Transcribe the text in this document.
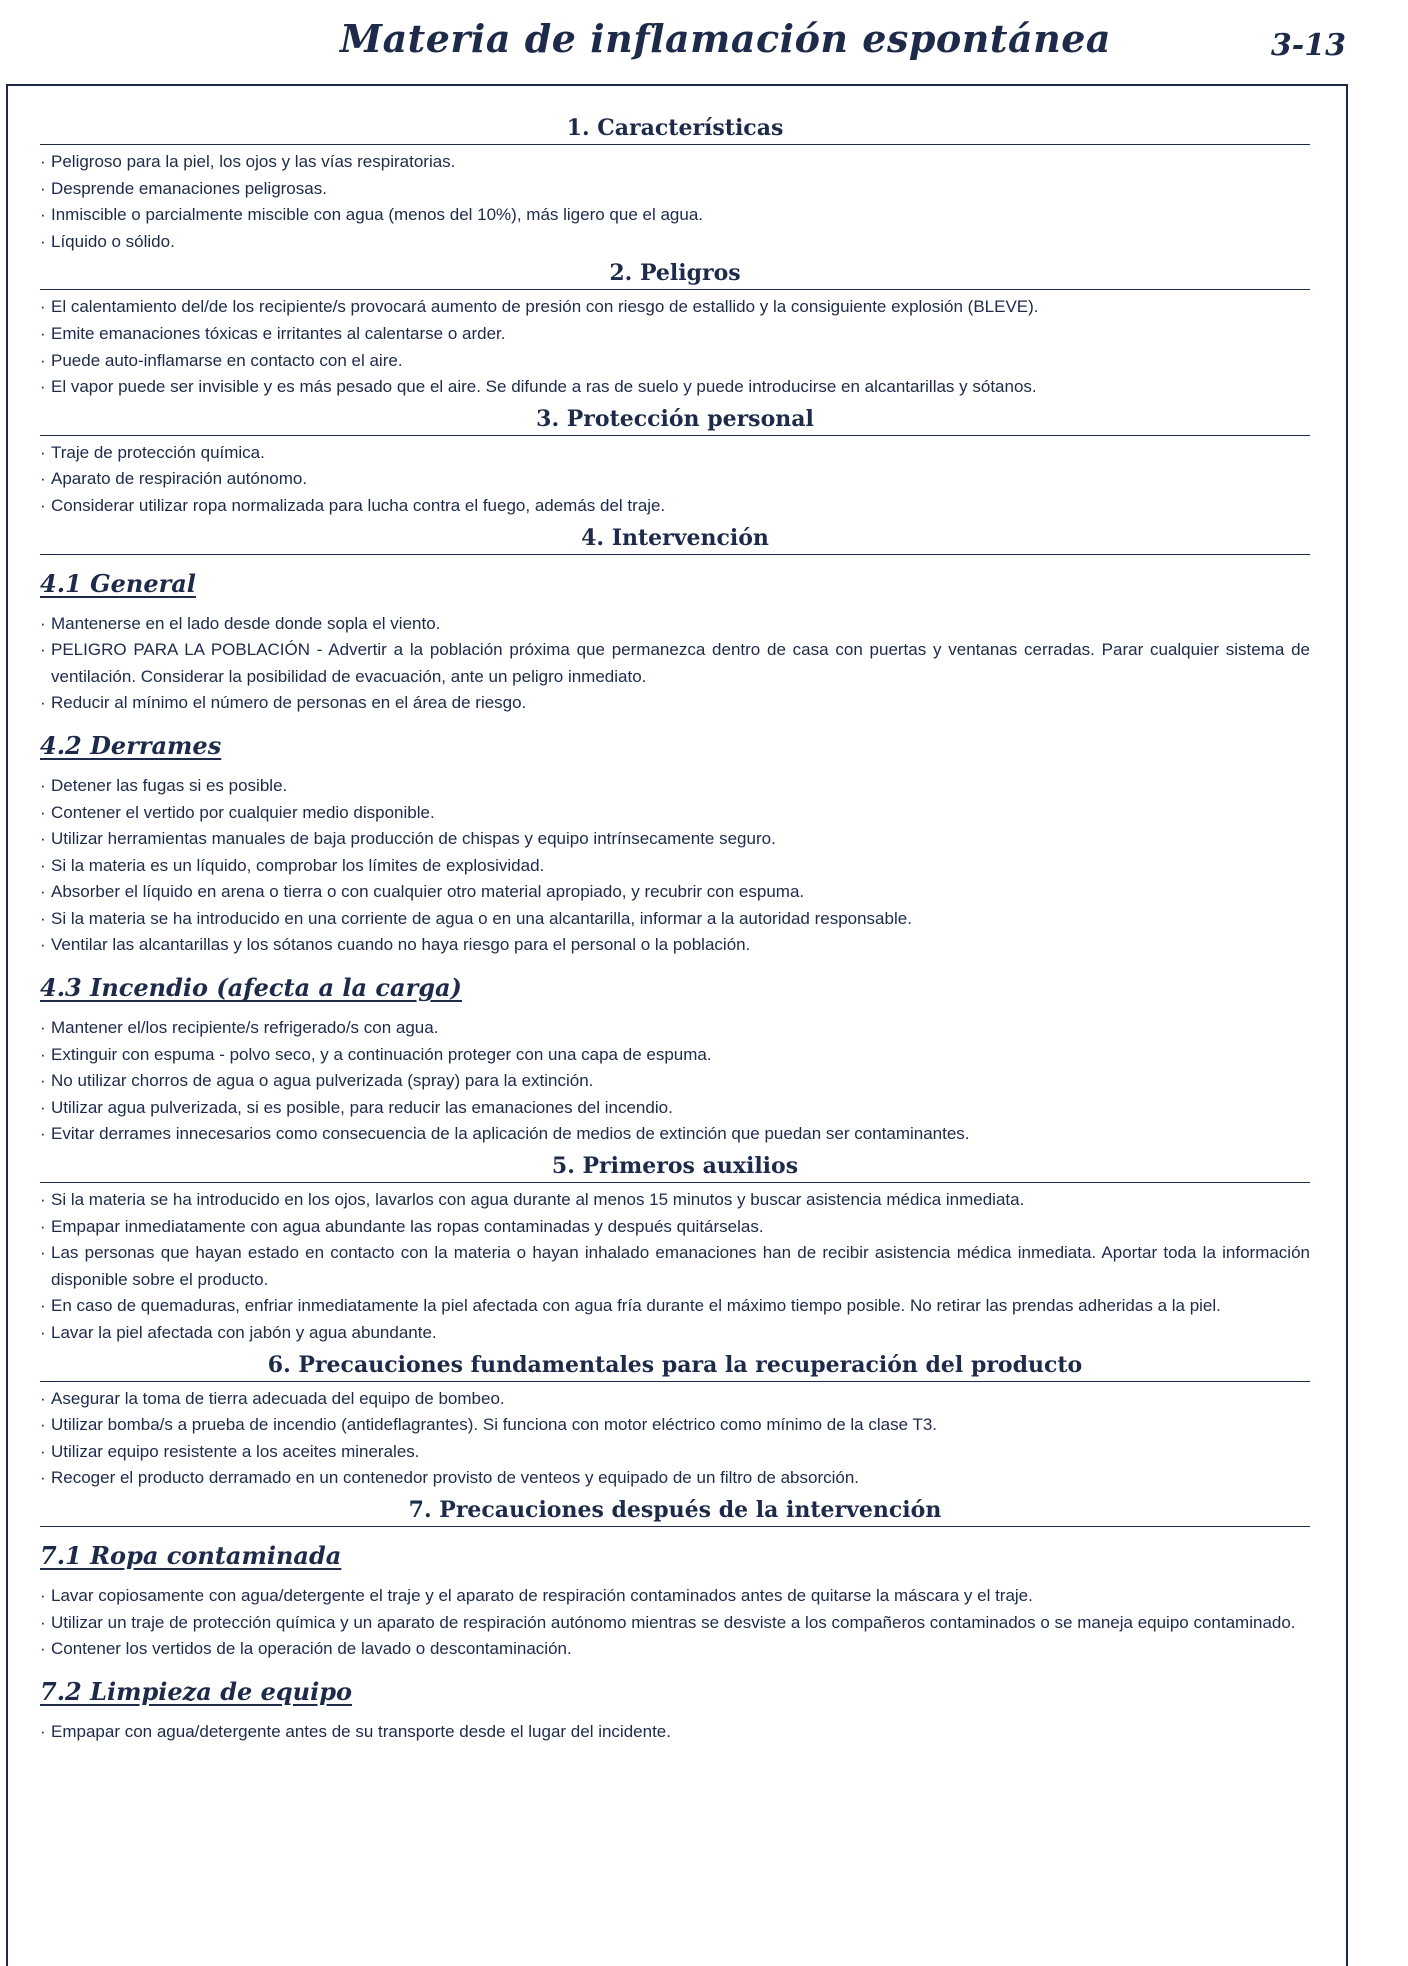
Materia de inflamación espontánea	3-13
1. Características
· Peligroso para la piel, los ojos y las vías respiratorias.
· Desprende emanaciones peligrosas.
· Inmiscible o parcialmente miscible con agua (menos del 10%), más ligero que el agua.
· Líquido o sólido.
2. Peligros
· El calentamiento del/de los recipiente/s provocará aumento de presión con riesgo de estallido y la consiguiente explosión (BLEVE).
· Emite emanaciones tóxicas e irritantes al calentarse o arder.
· Puede auto-inflamarse en contacto con el aire.
· El vapor puede ser invisible y es más pesado que el aire. Se difunde a ras de suelo y puede introducirse en alcantarillas y sótanos.
3. Protección personal
· Traje de protección química.
· Aparato de respiración autónomo.
· Considerar utilizar ropa normalizada para lucha contra el fuego, además del traje.
4. Intervención
4.1 General
· Mantenerse en el lado desde donde sopla el viento.
· PELIGRO PARA LA POBLACIÓN - Advertir a la población próxima que permanezca dentro de casa con puertas y ventanas cerradas. Parar cualquier sistema de ventilación. Considerar la posibilidad de evacuación, ante un peligro inmediato.
· Reducir al mínimo el número de personas en el área de riesgo.
4.2 Derrames
· Detener las fugas si es posible.
· Contener el vertido por cualquier medio disponible.
· Utilizar herramientas manuales de baja producción de chispas y equipo intrínsecamente seguro.
· Si la materia es un líquido, comprobar los límites de explosividad.
· Absorber el líquido en arena o tierra o con cualquier otro material apropiado, y recubrir con espuma.
· Si la materia se ha introducido en una corriente de agua o en una alcantarilla, informar a la autoridad responsable.
· Ventilar las alcantarillas y los sótanos cuando no haya riesgo para el personal o la población.
4.3 Incendio (afecta a la carga)
· Mantener el/los recipiente/s refrigerado/s con agua.
· Extinguir con espuma - polvo seco, y a continuación proteger con una capa de espuma.
· No utilizar chorros de agua o agua pulverizada (spray) para la extinción.
· Utilizar agua pulverizada, si es posible, para reducir las emanaciones del incendio.
· Evitar derrames innecesarios como consecuencia de la aplicación de medios de extinción que puedan ser contaminantes.
5. Primeros auxilios
· Si la materia se ha introducido en los ojos, lavarlos con agua durante al menos 15 minutos y buscar asistencia médica inmediata.
· Empapar inmediatamente con agua abundante las ropas contaminadas y después quitárselas.
· Las personas que hayan estado en contacto con la materia o hayan inhalado emanaciones han de recibir asistencia médica inmediata. Aportar toda la información disponible sobre el producto.
· En caso de quemaduras, enfriar inmediatamente la piel afectada con agua fría durante el máximo tiempo posible. No retirar las prendas adheridas a la piel.
· Lavar la piel afectada con jabón y agua abundante.
6. Precauciones fundamentales para la recuperación del producto
· Asegurar la toma de tierra adecuada del equipo de bombeo.
· Utilizar bomba/s a prueba de incendio (antideflagrantes). Si funciona con motor eléctrico como mínimo de la clase T3.
· Utilizar equipo resistente a los aceites minerales.
· Recoger el producto derramado en un contenedor provisto de venteos y equipado de un filtro de absorción.
7. Precauciones después de la intervención
7.1 Ropa contaminada
· Lavar copiosamente con agua/detergente el traje y el aparato de respiración contaminados antes de quitarse la máscara y el traje.
· Utilizar un traje de protección química y un aparato de respiración autónomo mientras se desviste a los compañeros contaminados o se maneja equipo contaminado.
· Contener los vertidos de la operación de lavado o descontaminación.
7.2 Limpieza de equipo
· Empapar con agua/detergente antes de su transporte desde el lugar del incidente.
